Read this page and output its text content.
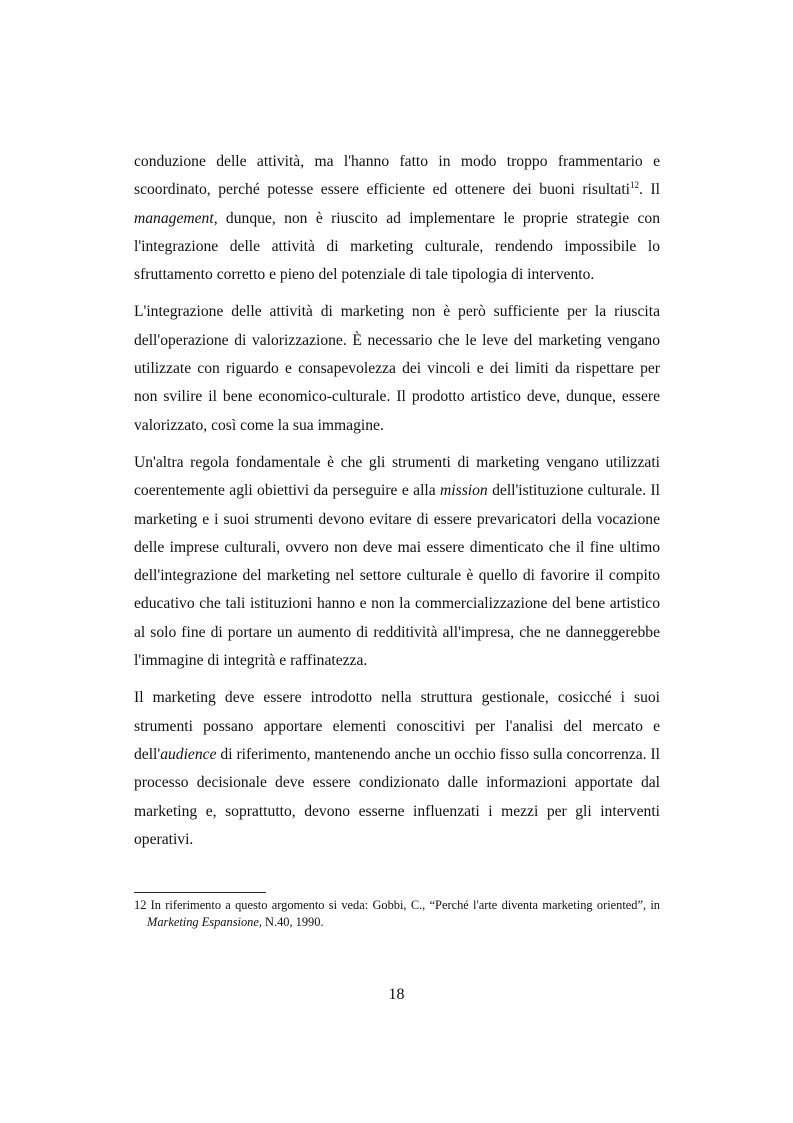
conduzione delle attività, ma l'hanno fatto in modo troppo frammentario e scoordinato, perché potesse essere efficiente ed ottenere dei buoni risultati$^{12}$. Il management, dunque, non è riuscito ad implementare le proprie strategie con l'integrazione delle attività di marketing culturale, rendendo impossibile lo sfruttamento corretto e pieno del potenziale di tale tipologia di intervento.

L'integrazione delle attività di marketing non è però sufficiente per la riuscita dell'operazione di valorizzazione. È necessario che le leve del marketing vengano utilizzate con riguardo e consapevolezza dei vincoli e dei limiti da rispettare per non svilire il bene economico-culturale. Il prodotto artistico deve, dunque, essere valorizzato, così come la sua immagine.

Un'altra regola fondamentale è che gli strumenti di marketing vengano utilizzati coerentemente agli obiettivi da perseguire e alla mission dell'istituzione culturale. Il marketing e i suoi strumenti devono evitare di essere prevaricatori della vocazione delle imprese culturali, ovvero non deve mai essere dimenticato che il fine ultimo dell'integrazione del marketing nel settore culturale è quello di favorire il compito educativo che tali istituzioni hanno e non la commercializzazione del bene artistico al solo fine di portare un aumento di redditività all'impresa, che ne danneggerebbe l'immagine di integrità e raffinatezza.

Il marketing deve essere introdotto nella struttura gestionale, cosicché i suoi strumenti possano apportare elementi conoscitivi per l'analisi del mercato e dell'audience di riferimento, mantenendo anche un occhio fisso sulla concorrenza. Il processo decisionale deve essere condizionato dalle informazioni apportate dal marketing e, soprattutto, devono esserne influenzati i mezzi per gli interventi operativi.

12 In riferimento a questo argomento si veda: Gobbi, C., “Perché l'arte diventa marketing oriented”, in Marketing Espansione, N.40, 1990.
18
